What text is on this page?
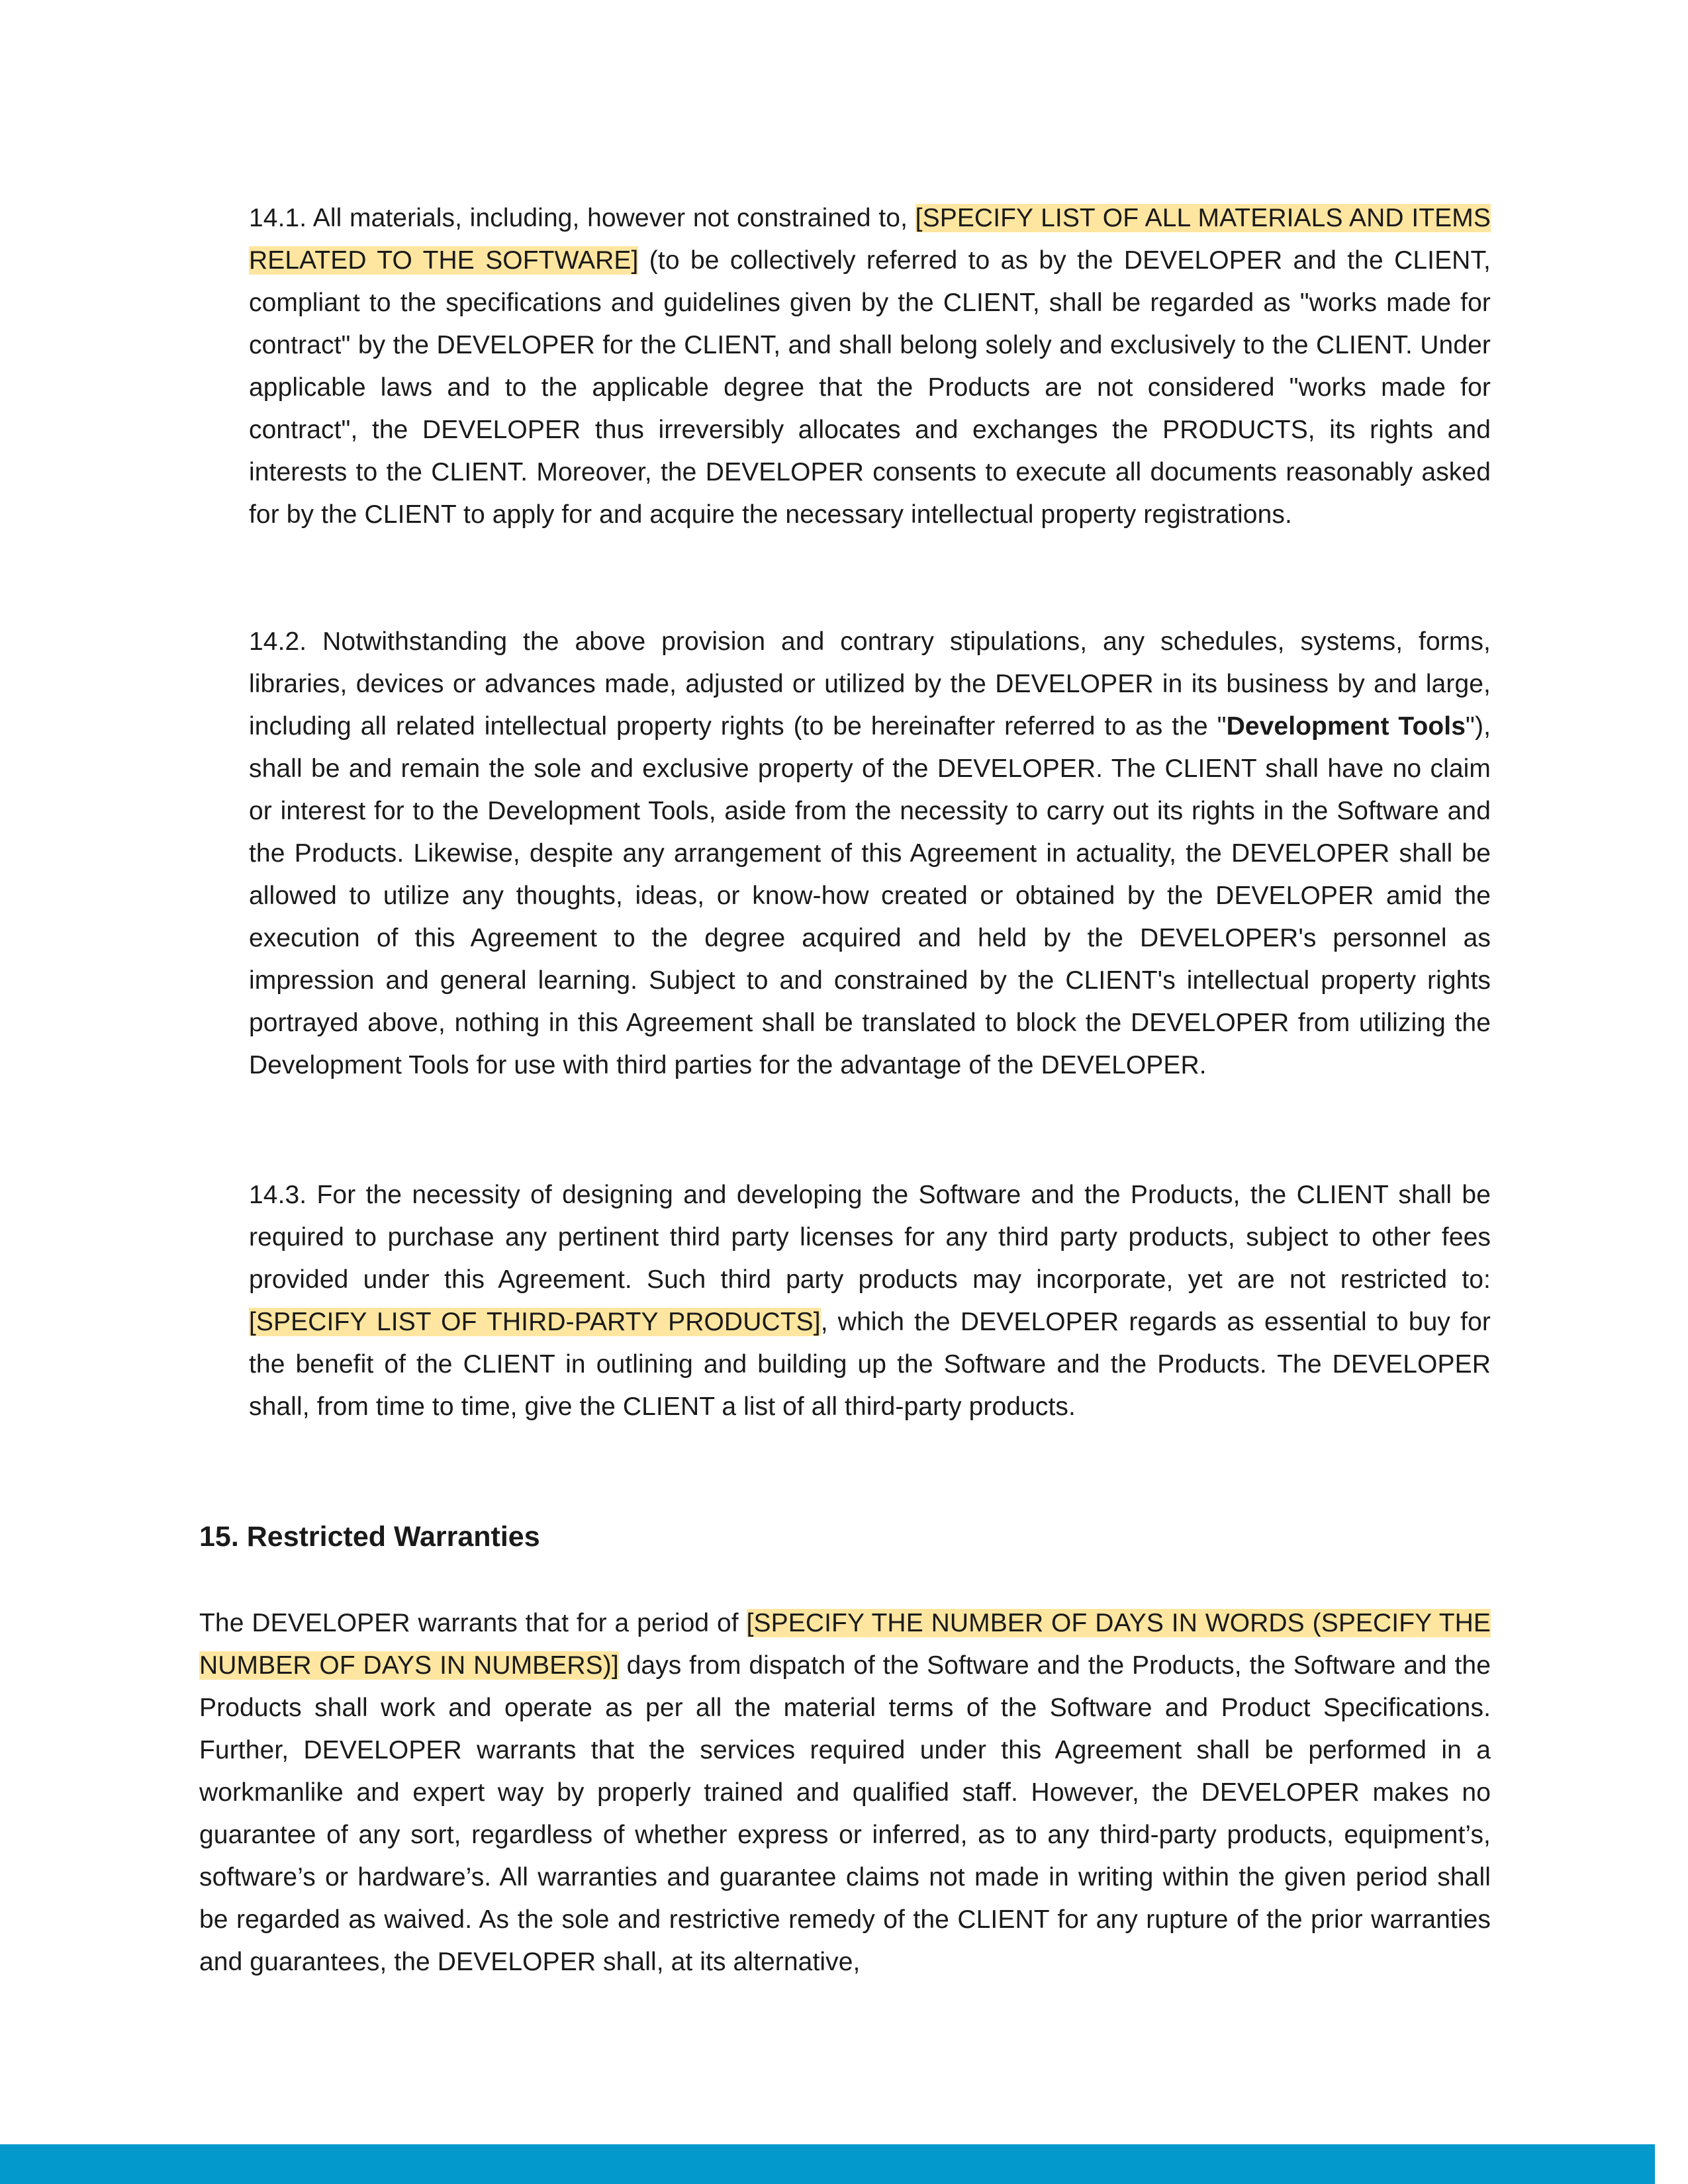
14.1. All materials, including, however not constrained to, [SPECIFY LIST OF ALL MATERIALS AND ITEMS RELATED TO THE SOFTWARE] (to be collectively referred to as by the DEVELOPER and the CLIENT, compliant to the specifications and guidelines given by the CLIENT, shall be regarded as "works made for contract" by the DEVELOPER for the CLIENT, and shall belong solely and exclusively to the CLIENT. Under applicable laws and to the applicable degree that the Products are not considered "works made for contract", the DEVELOPER thus irreversibly allocates and exchanges the PRODUCTS, its rights and interests to the CLIENT. Moreover, the DEVELOPER consents to execute all documents reasonably asked for by the CLIENT to apply for and acquire the necessary intellectual property registrations.

14.2. Notwithstanding the above provision and contrary stipulations, any schedules, systems, forms, libraries, devices or advances made, adjusted or utilized by the DEVELOPER in its business by and large, including all related intellectual property rights (to be hereinafter referred to as the "Development Tools"), shall be and remain the sole and exclusive property of the DEVELOPER. The CLIENT shall have no claim or interest for to the Development Tools, aside from the necessity to carry out its rights in the Software and the Products. Likewise, despite any arrangement of this Agreement in actuality, the DEVELOPER shall be allowed to utilize any thoughts, ideas, or know-how created or obtained by the DEVELOPER amid the execution of this Agreement to the degree acquired and held by the DEVELOPER's personnel as impression and general learning. Subject to and constrained by the CLIENT's intellectual property rights portrayed above, nothing in this Agreement shall be translated to block the DEVELOPER from utilizing the Development Tools for use with third parties for the advantage of the DEVELOPER.

14.3. For the necessity of designing and developing the Software and the Products, the CLIENT shall be required to purchase any pertinent third party licenses for any third party products, subject to other fees provided under this Agreement. Such third party products may incorporate, yet are not restricted to: [SPECIFY LIST OF THIRD-PARTY PRODUCTS], which the DEVELOPER regards as essential to buy for the benefit of the CLIENT in outlining and building up the Software and the Products. The DEVELOPER shall, from time to time, give the CLIENT a list of all third-party products.

15. Restricted Warranties

The DEVELOPER warrants that for a period of [SPECIFY THE NUMBER OF DAYS IN WORDS (SPECIFY THE NUMBER OF DAYS IN NUMBERS)] days from dispatch of the Software and the Products, the Software and the Products shall work and operate as per all the material terms of the Software and Product Specifications. Further, DEVELOPER warrants that the services required under this Agreement shall be performed in a workmanlike and expert way by properly trained and qualified staff. However, the DEVELOPER makes no guarantee of any sort, regardless of whether express or inferred, as to any third-party products, equipment’s, software’s or hardware’s. All warranties and guarantee claims not made in writing within the given period shall be regarded as waived. As the sole and restrictive remedy of the CLIENT for any rupture of the prior warranties and guarantees, the DEVELOPER shall, at its alternative,
